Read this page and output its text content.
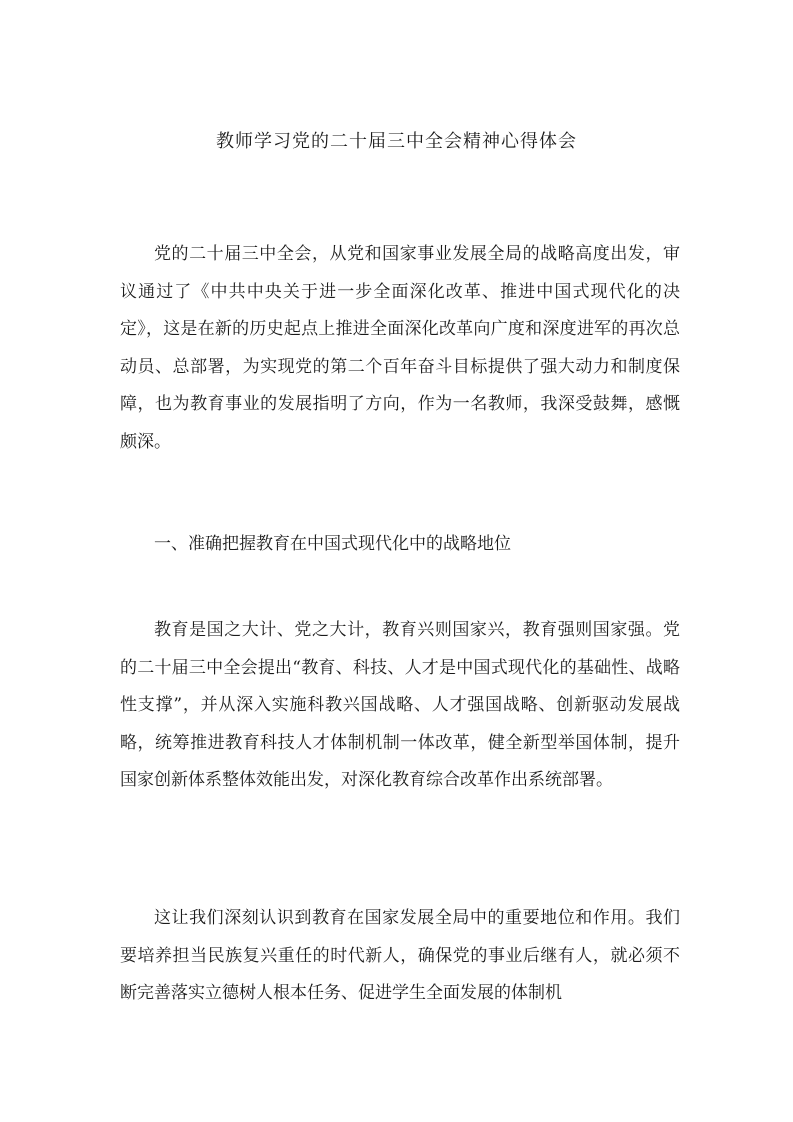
教师学习党的二十届三中全会精神心得体会

党的二十届三中全会，从党和国家事业发展全局的战略高度出发，审议通过了《中共中央关于进一步全面深化改革、推进中国式现代化的决定》，这是在新的历史起点上推进全面深化改革向广度和深度进军的再次总动员、总部署，为实现党的第二个百年奋斗目标提供了强大动力和制度保障，也为教育事业的发展指明了方向，作为一名教师，我深受鼓舞，感慨颇深。

一、准确把握教育在中国式现代化中的战略地位

教育是国之大计、党之大计，教育兴则国家兴，教育强则国家强。党的二十届三中全会提出“教育、科技、人才是中国式现代化的基础性、战略性支撑”，并从深入实施科教兴国战略、人才强国战略、创新驱动发展战略，统筹推进教育科技人才体制机制一体改革，健全新型举国体制，提升国家创新体系整体效能出发，对深化教育综合改革作出系统部署。

这让我们深刻认识到教育在国家发展全局中的重要地位和作用。我们要培养担当民族复兴重任的时代新人，确保党的事业后继有人，就必须不断完善落实立德树人根本任务、促进学生全面发展的体制机
